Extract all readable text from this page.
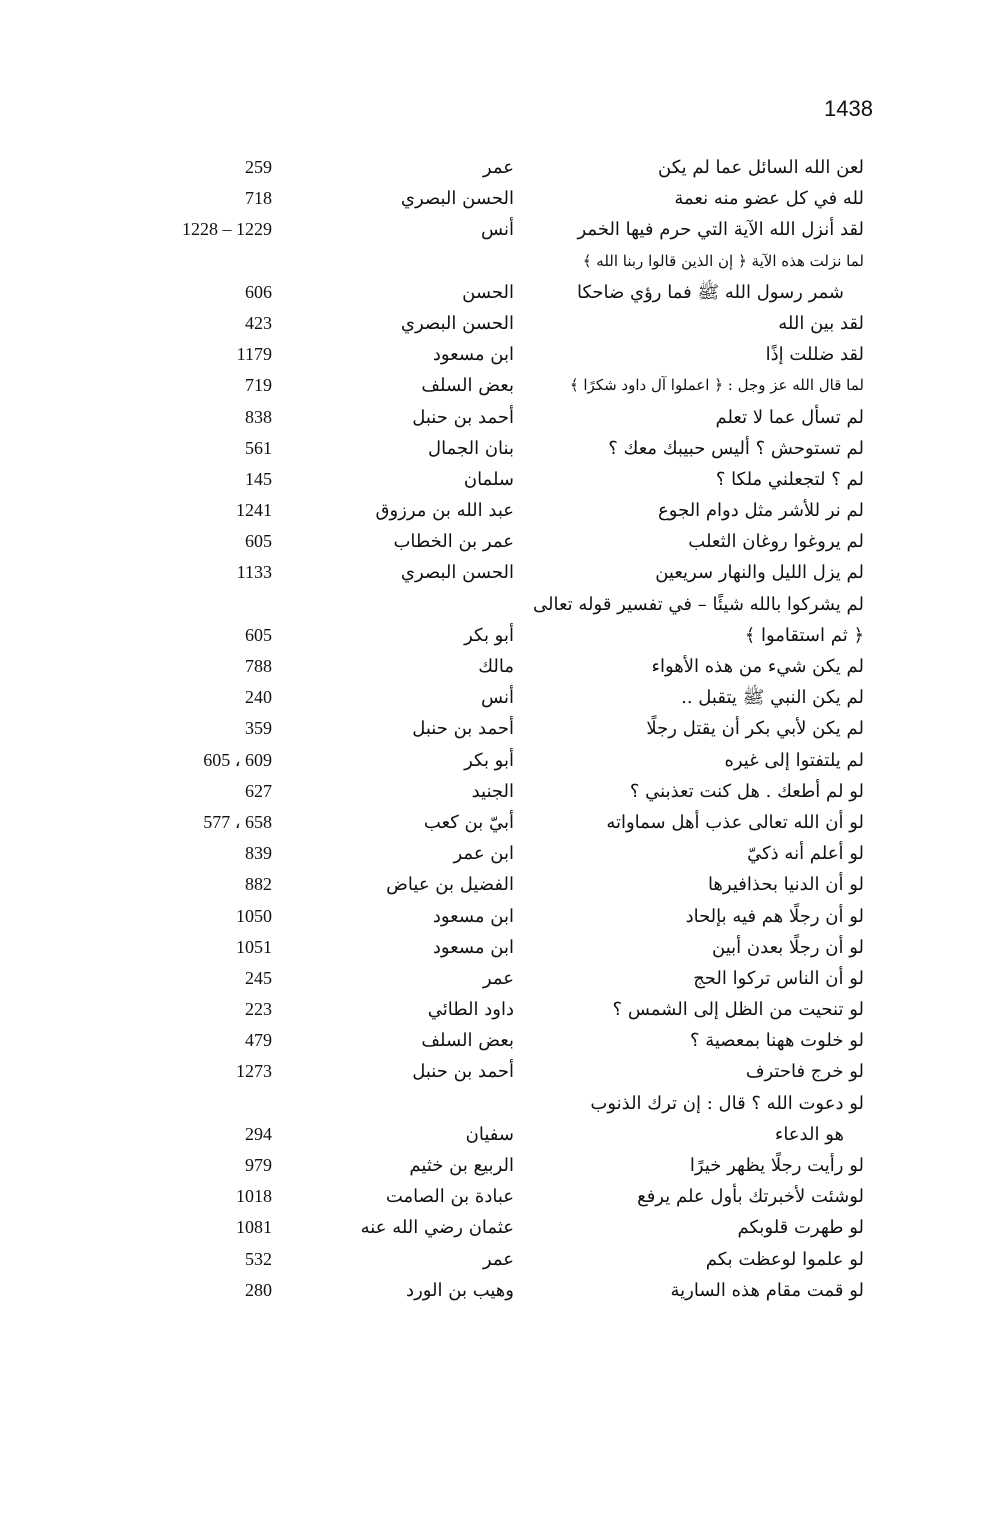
1438
لعن الله السائل عما لم يكن
عمر
259
لله في كل عضو منه نعمة
الحسن البصري
718
لقد أنزل الله الآية التي حرم فيها الخمر
أنس
1228 – 1229
لما نزلت هذه الآية ﴿ إن الذين قالوا ربنا الله ﴾
شمر رسول الله ﷺ فما رؤي ضاحكا
الحسن
606
لقد بين الله
الحسن البصري
423
لقد ضللت إذًا
ابن مسعود
1179
لما قال الله عز وجل : ﴿ اعملوا آل داود شكرًا ﴾
بعض السلف
719
لم تسأل عما لا تعلم
أحمد بن حنبل
838
لم تستوحش ؟ أليس حبيبك معك ؟
بنان الجمال
561
لم ؟ لتجعلني ملكا ؟
سلمان
145
لم نر للأشر مثل دوام الجوع
عبد الله بن مرزوق
1241
لم يروغوا روغان الثعلب
عمر بن الخطاب
605
لم يزل الليل والنهار سريعين
الحسن البصري
1133
لم يشركوا بالله شيئًا – في تفسير قوله تعالى
﴿ ثم استقاموا ﴾
أبو بكر
605
لم يكن شيء من هذه الأهواء
مالك
788
لم يكن النبي ﷺ يتقبل ..
أنس
240
لم يكن لأبي بكر أن يقتل رجلًا
أحمد بن حنبل
359
لم يلتفتوا إلى غيره
أبو بكر
605 ، 609
لو لم أطعك . هل كنت تعذبني ؟
الجنيد
627
لو أن الله تعالى عذب أهل سماواته
أبيّ بن كعب
577 ، 658
لو أعلم أنه ذكيّ
ابن عمر
839
لو أن الدنيا بحذافيرها
الفضيل بن عياض
882
لو أن رجلًا هم فيه بإلحاد
ابن مسعود
1050
لو أن رجلًا بعدن أبين
ابن مسعود
1051
لو أن الناس تركوا الحج
عمر
245
لو تنحيت من الظل إلى الشمس ؟
داود الطائي
223
لو خلوت ههنا بمعصية ؟
بعض السلف
479
لو خرج فاحترف
أحمد بن حنبل
1273
لو دعوت الله ؟ قال : إن ترك الذنوب
هو الدعاء
سفيان
294
لو رأيت رجلًا يظهر خيرًا
الربيع بن خثيم
979
لوشئت لأخبرتك بأول علم يرفع
عبادة بن الصامت
1018
لو طهرت قلوبكم
عثمان رضي الله عنه
1081
لو علموا لوعظت بكم
عمر
532
لو قمت مقام هذه السارية
وهيب بن الورد
280
